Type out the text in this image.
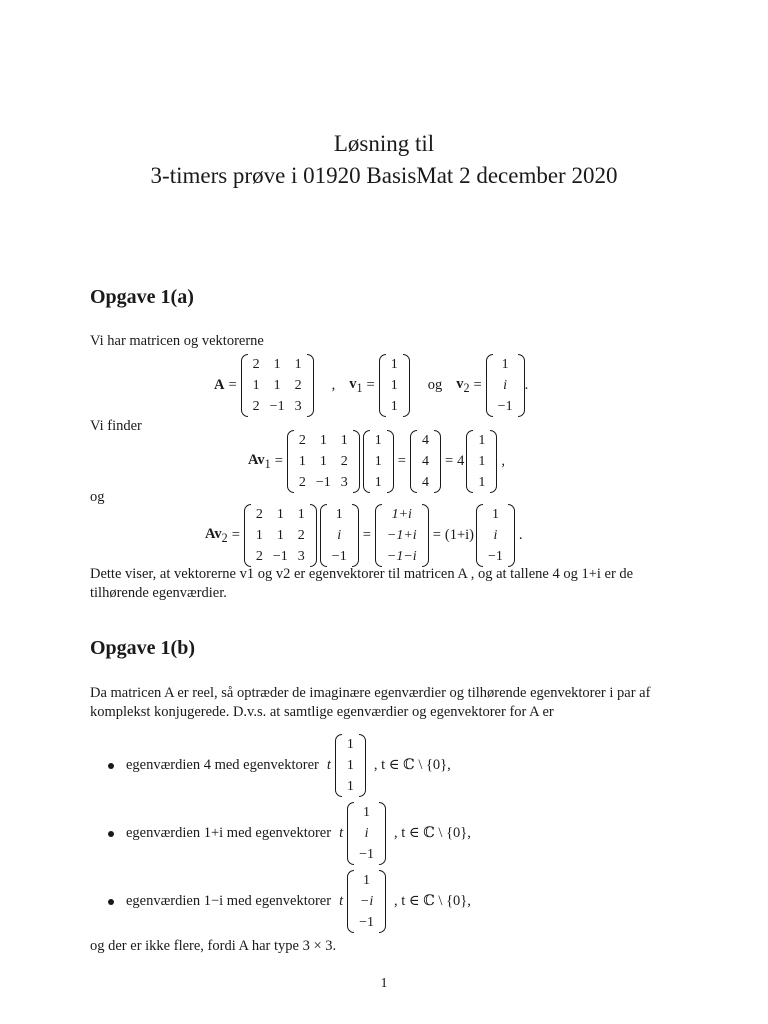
Løsning til
3-timers prøve i 01920 BasisMat 2 december 2020
Opgave 1(a)
Vi har matricen og vektorerne
A =
2	1	1
1	1	2
2	−1	3
, $v_1$ =
1
1
1
og $v_2$ =
1
i
−1
.
Vi finder
$Av_1$ =
2	1	1
1	1	2
2	−1	3
1
1
1
=
4
4
4
= 4
1
1
1
,
og
$Av_2$ =
2	1	1
1	1	2
2	−1	3
1
i
−1
=
1+i
−1+i
−1−i
= (1+i)
1
i
−1
.
Dette viser, at vektorerne v1 og v2 er egenvektorer til matricen A , og at tallene 4 og 1+i er de tilhørende egenværdier.
Opgave 1(b)
Da matricen A er reel, så optræder de imaginære egenværdier og tilhørende egenvektorer i par af komplekst konjugerede. D.v.s. at samtlige egenværdier og egenvektorer for A er
egenværdien 4 med egenvektorer t
1
1
1
, t ∈ ℂ \ {0},
egenværdien 1+i med egenvektorer t
1
i
−1
, t ∈ ℂ \ {0},
egenværdien 1−i med egenvektorer t
1
−i
−1
, t ∈ ℂ \ {0},
og der er ikke flere, fordi A har type 3 × 3.
1
